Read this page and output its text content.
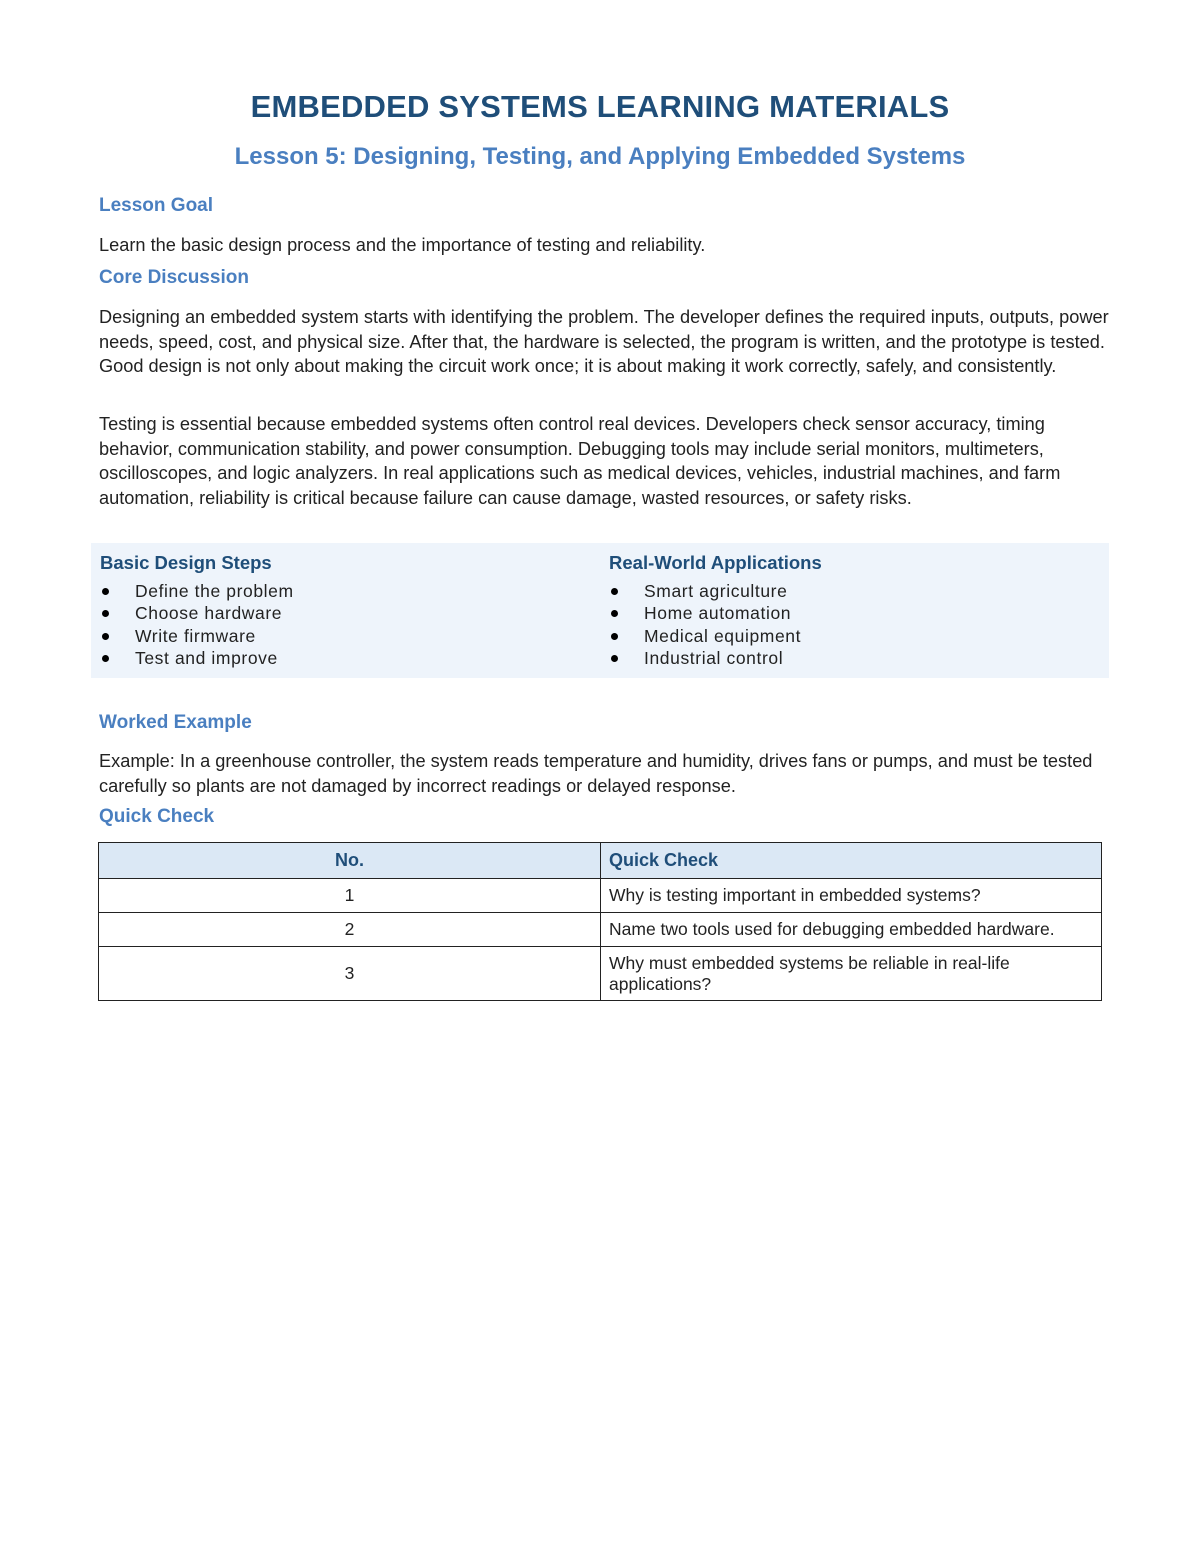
EMBEDDED SYSTEMS LEARNING MATERIALS
Lesson 5: Designing, Testing, and Applying Embedded Systems
Lesson Goal

Learn the basic design process and the importance of testing and reliability.

Core Discussion

Designing an embedded system starts with identifying the problem. The developer defines the required inputs, outputs, power needs, speed, cost, and physical size. After that, the hardware is selected, the program is written, and the prototype is tested. Good design is not only about making the circuit work once; it is about making it work correctly, safely, and consistently.

Testing is essential because embedded systems often control real devices. Developers check sensor accuracy, timing behavior, communication stability, and power consumption. Debugging tools may include serial monitors, multimeters, oscilloscopes, and logic analyzers. In real applications such as medical devices, vehicles, industrial machines, and farm automation, reliability is critical because failure can cause damage, wasted resources, or safety risks.

Basic Design Steps
Define the problem
Choose hardware
Write firmware
Test and improve
Real-World Applications
Smart agriculture
Home automation
Medical equipment
Industrial control
Worked Example

Example: In a greenhouse controller, the system reads temperature and humidity, drives fans or pumps, and must be tested carefully so plants are not damaged by incorrect readings or delayed response.

Quick Check
No.	Quick Check
1	Why is testing important in embedded systems?
2	Name two tools used for debugging embedded hardware.
3	Why must embedded systems be reliable in real-life applications?
